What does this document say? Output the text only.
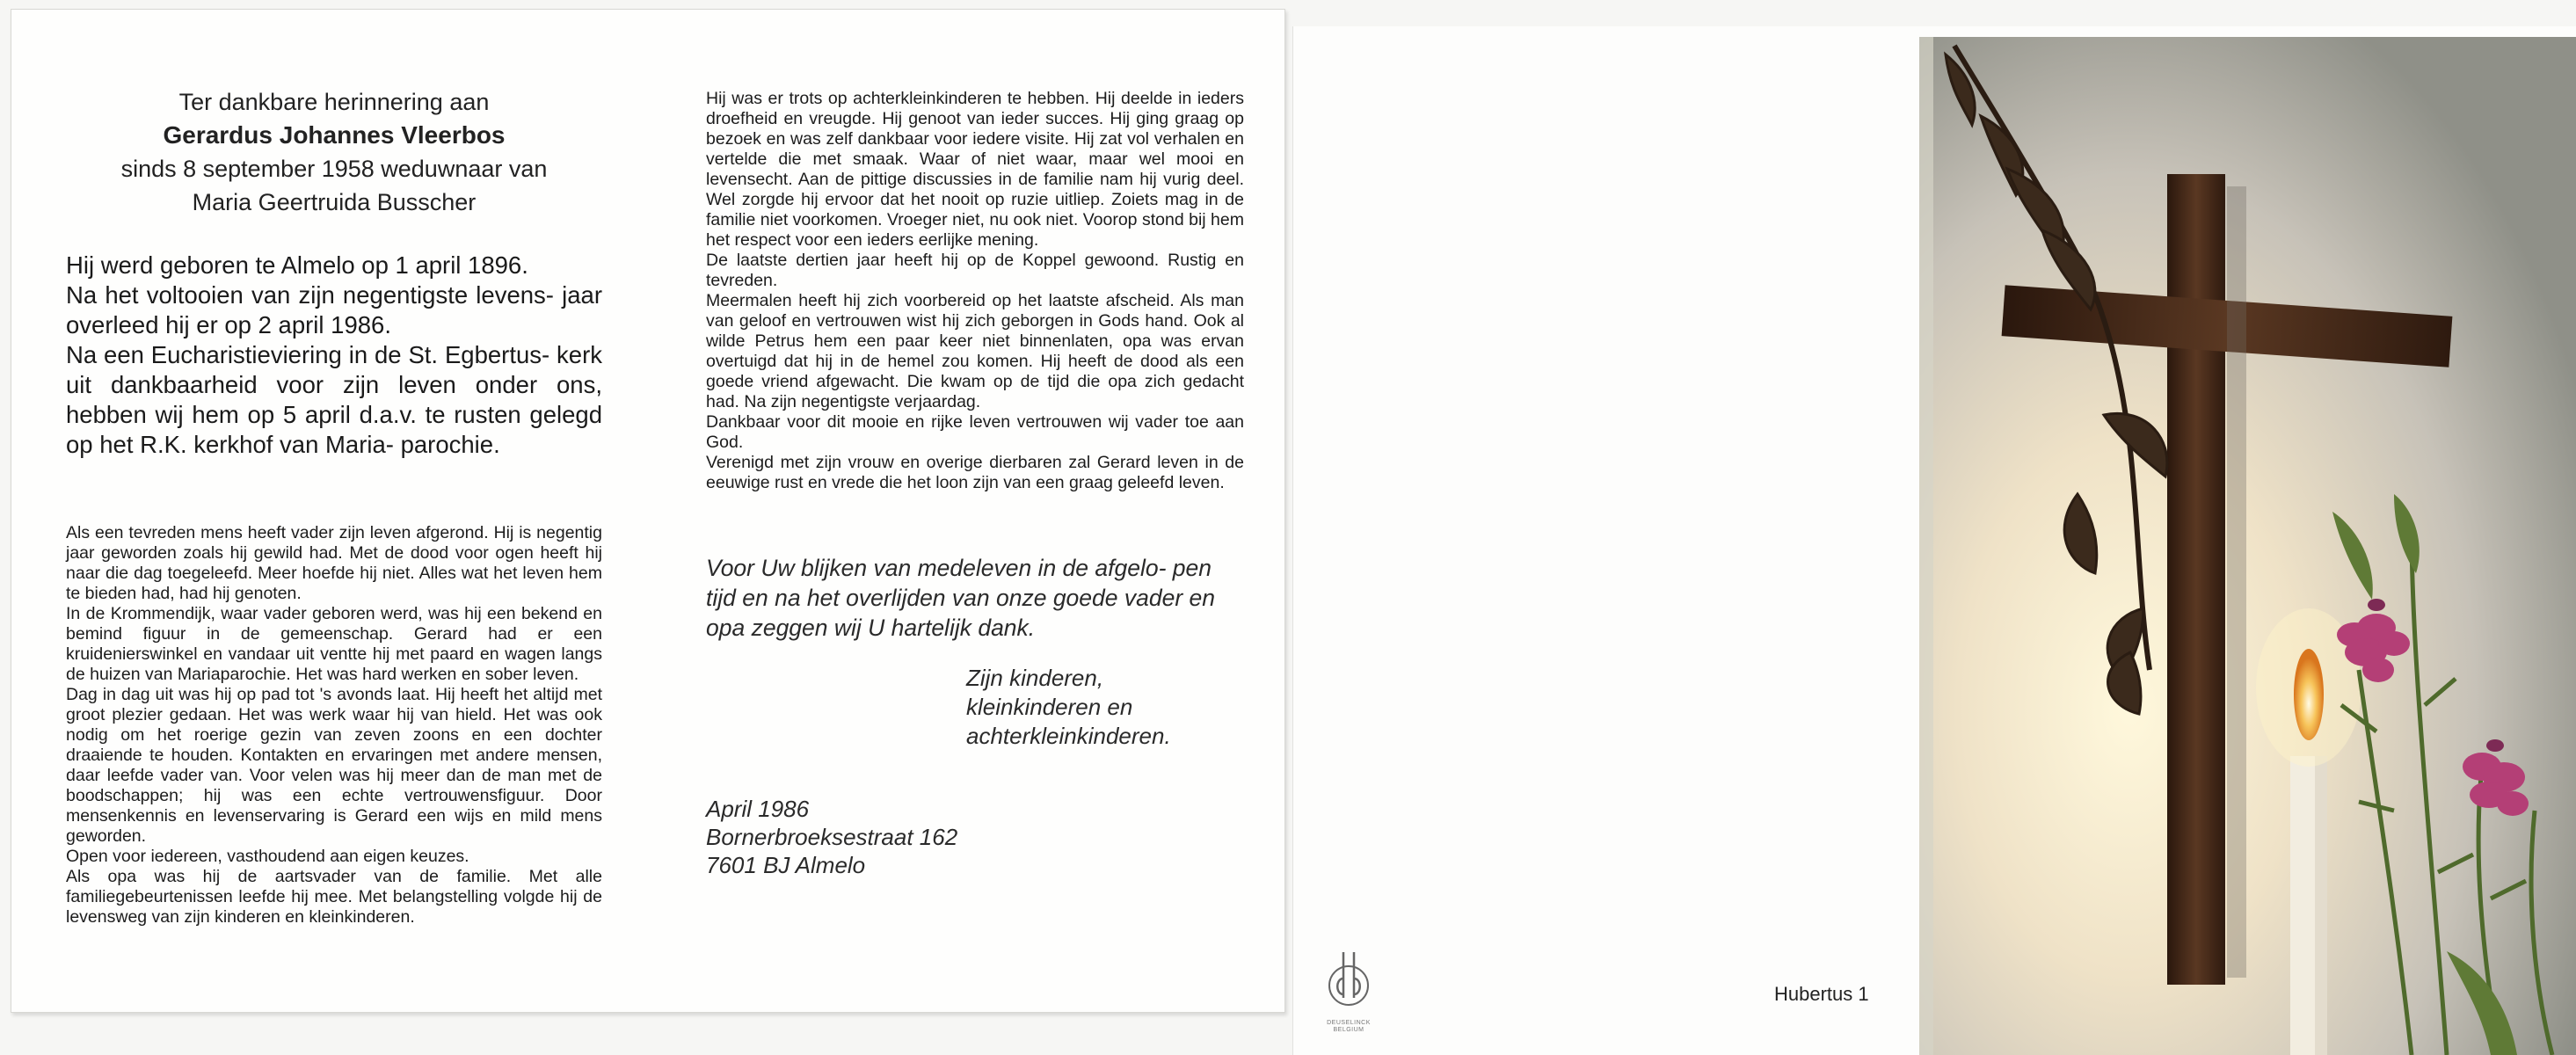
Ter dankbare herinnering aan
Gerardus Johannes Vleerbos
sinds 8 september 1958 weduwnaar van
Maria Geertruida Busscher

Hij werd geboren te Almelo op 1 april 1896.

Na het voltooien van zijn negentigste levens- jaar overleed hij er op 2 april 1986.

Na een Eucharistieviering in de St. Egbertus- kerk uit dankbaarheid voor zijn leven onder ons, hebben wij hem op 5 april d.a.v. te rusten gelegd op het R.K. kerkhof van Maria- parochie.

Als een tevreden mens heeft vader zijn leven afgerond. Hij is negentig jaar geworden zoals hij gewild had. Met de dood voor ogen heeft hij naar die dag toegeleefd. Meer hoefde hij niet. Alles wat het leven hem te bieden had, had hij genoten.

In de Krommendijk, waar vader geboren werd, was hij een bekend en bemind figuur in de gemeenschap. Gerard had er een kruidenierswinkel en vandaar uit ventte hij met paard en wagen langs de huizen van Mariaparochie. Het was hard werken en sober leven.

Dag in dag uit was hij op pad tot 's avonds laat. Hij heeft het altijd met groot plezier gedaan. Het was werk waar hij van hield. Het was ook nodig om het roerige gezin van zeven zoons en een dochter draaiende te houden. Kontakten en ervaringen met andere mensen, daar leefde vader van. Voor velen was hij meer dan de man met de boodschappen; hij was een echte vertrouwensfiguur. Door mensenkennis en levenservaring is Gerard een wijs en mild mens geworden.

Open voor iedereen, vasthoudend aan eigen keuzes.

Als opa was hij de aartsvader van de familie. Met alle familiegebeurtenissen leefde hij mee. Met belangstelling volgde hij de levensweg van zijn kinderen en kleinkinderen.

Hij was er trots op achterkleinkinderen te hebben. Hij deelde in ieders droefheid en vreugde. Hij genoot van ieder succes. Hij ging graag op bezoek en was zelf dankbaar voor iedere visite. Hij zat vol verhalen en vertelde die met smaak. Waar of niet waar, maar wel mooi en levensecht. Aan de pittige discussies in de familie nam hij vurig deel. Wel zorgde hij ervoor dat het nooit op ruzie uitliep. Zoiets mag in de familie niet voorkomen. Vroeger niet, nu ook niet. Voorop stond bij hem het respect voor een ieders eerlijke mening.

De laatste dertien jaar heeft hij op de Koppel gewoond. Rustig en tevreden.

Meermalen heeft hij zich voorbereid op het laatste afscheid. Als man van geloof en vertrouwen wist hij zich geborgen in Gods hand. Ook al wilde Petrus hem een paar keer niet binnenlaten, opa was ervan overtuigd dat hij in de hemel zou komen. Hij heeft de dood als een goede vriend afgewacht. Die kwam op de tijd die opa zich gedacht had. Na zijn negentigste verjaardag.

Dankbaar voor dit mooie en rijke leven vertrouwen wij vader toe aan God.

Verenigd met zijn vrouw en overige dierbaren zal Gerard leven in de eeuwige rust en vrede die het loon zijn van een graag geleefd leven.

Voor Uw blijken van medeleven in de afgelo- pen tijd en na het overlijden van onze goede vader en opa zeggen wij U hartelijk dank.

Zijn kinderen,

kleinkinderen en

achterkleinkinderen.

April 1986

Bornerbroeksestraat 162

7601 BJ Almelo

DEUSELINCK
BELGIUM
Hubertus 1
